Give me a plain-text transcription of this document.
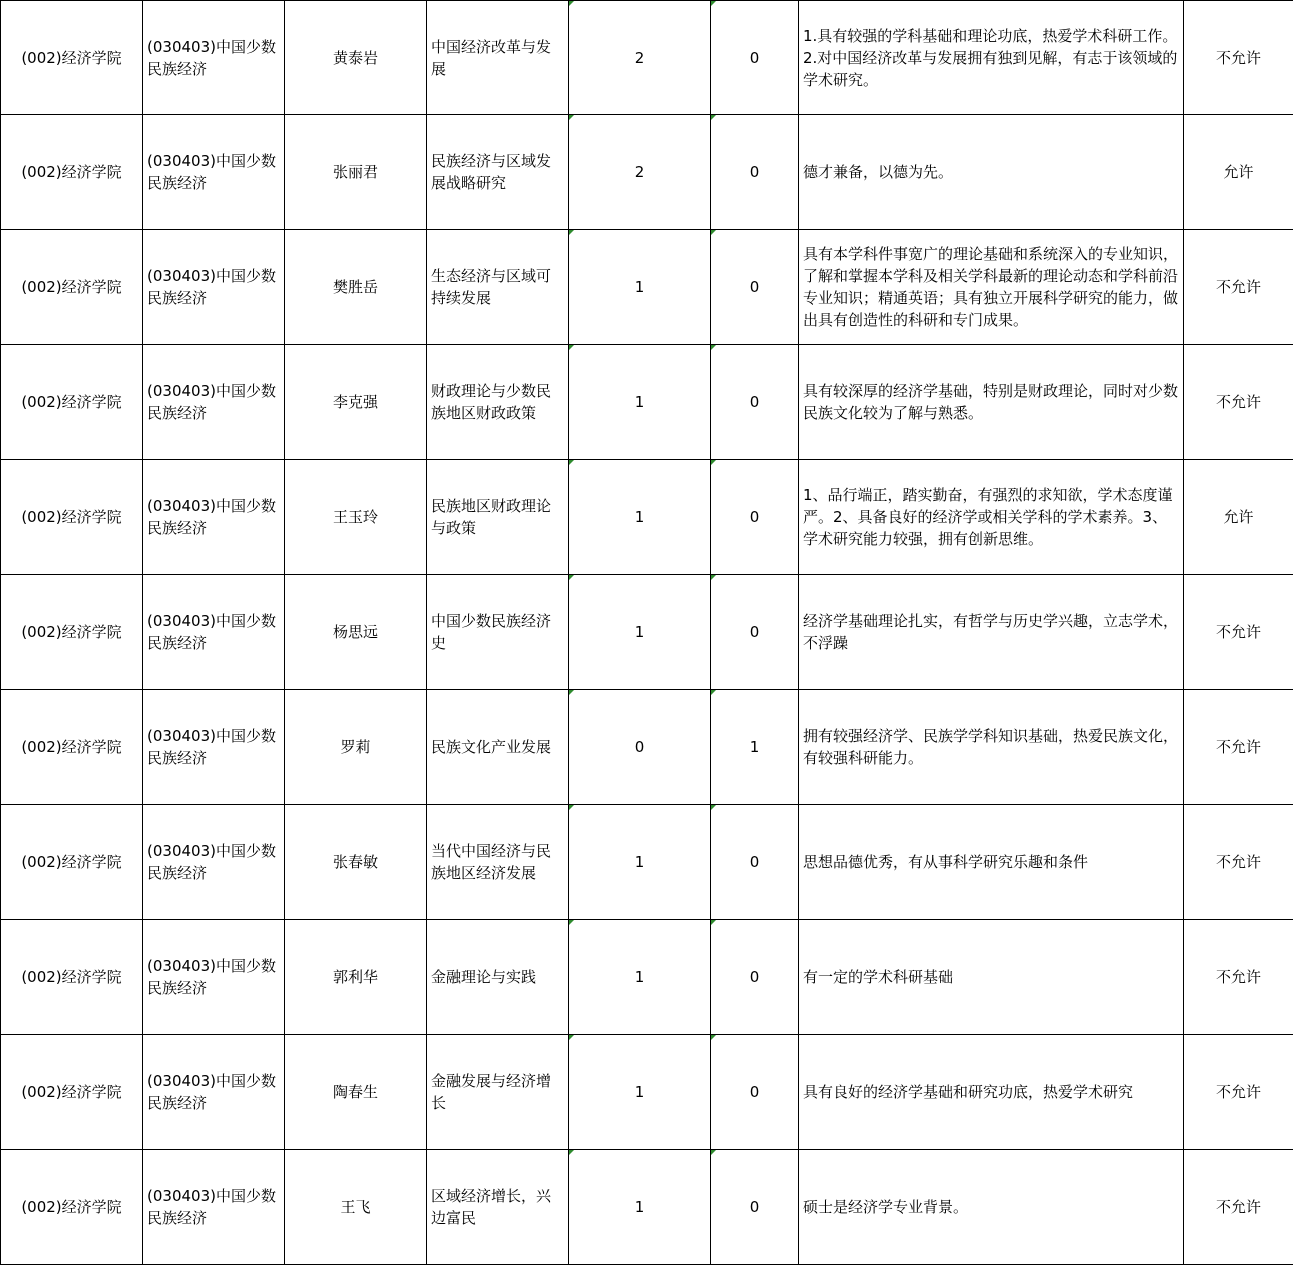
(002)经济学院	(030403)中国少数民族经济	黄泰岩	中国经济改革与发展	2	0	1.具有较强的学科基础和理论功底，热爱学术科研工作。 2.对中国经济改革与发展拥有独到见解，有志于该领域的学术研究。	不允许
(002)经济学院	(030403)中国少数民族经济	张丽君	民族经济与区域发展战略研究	2	0	德才兼备，以德为先。	允许
(002)经济学院	(030403)中国少数民族经济	樊胜岳	生态经济与区域可持续发展	1	0	具有本学科件事宽广的理论基础和系统深入的专业知识，了解和掌握本学科及相关学科最新的理论动态和学科前沿专业知识；精通英语；具有独立开展科学研究的能力，做出具有创造性的科研和专门成果。	不允许
(002)经济学院	(030403)中国少数民族经济	李克强	财政理论与少数民族地区财政政策	1	0	具有较深厚的经济学基础，特别是财政理论，同时对少数民族文化较为了解与熟悉。	不允许
(002)经济学院	(030403)中国少数民族经济	王玉玲	民族地区财政理论与政策	1	0	1、品行端正，踏实勤奋，有强烈的求知欲，学术态度谨严。2、具备良好的经济学或相关学科的学术素养。3、学术研究能力较强，拥有创新思维。	允许
(002)经济学院	(030403)中国少数民族经济	杨思远	中国少数民族经济史	1	0	经济学基础理论扎实，有哲学与历史学兴趣，立志学术，不浮躁	不允许
(002)经济学院	(030403)中国少数民族经济	罗莉	民族文化产业发展	0	1	拥有较强经济学、民族学学科知识基础，热爱民族文化，有较强科研能力。	不允许
(002)经济学院	(030403)中国少数民族经济	张春敏	当代中国经济与民族地区经济发展	1	0	思想品德优秀，有从事科学研究乐趣和条件	不允许
(002)经济学院	(030403)中国少数民族经济	郭利华	金融理论与实践	1	0	有一定的学术科研基础	不允许
(002)经济学院	(030403)中国少数民族经济	陶春生	金融发展与经济增长	1	0	具有良好的经济学基础和研究功底，热爱学术研究	不允许
(002)经济学院	(030403)中国少数民族经济	王飞	区域经济增长，兴边富民	1	0	硕士是经济学专业背景。	不允许
